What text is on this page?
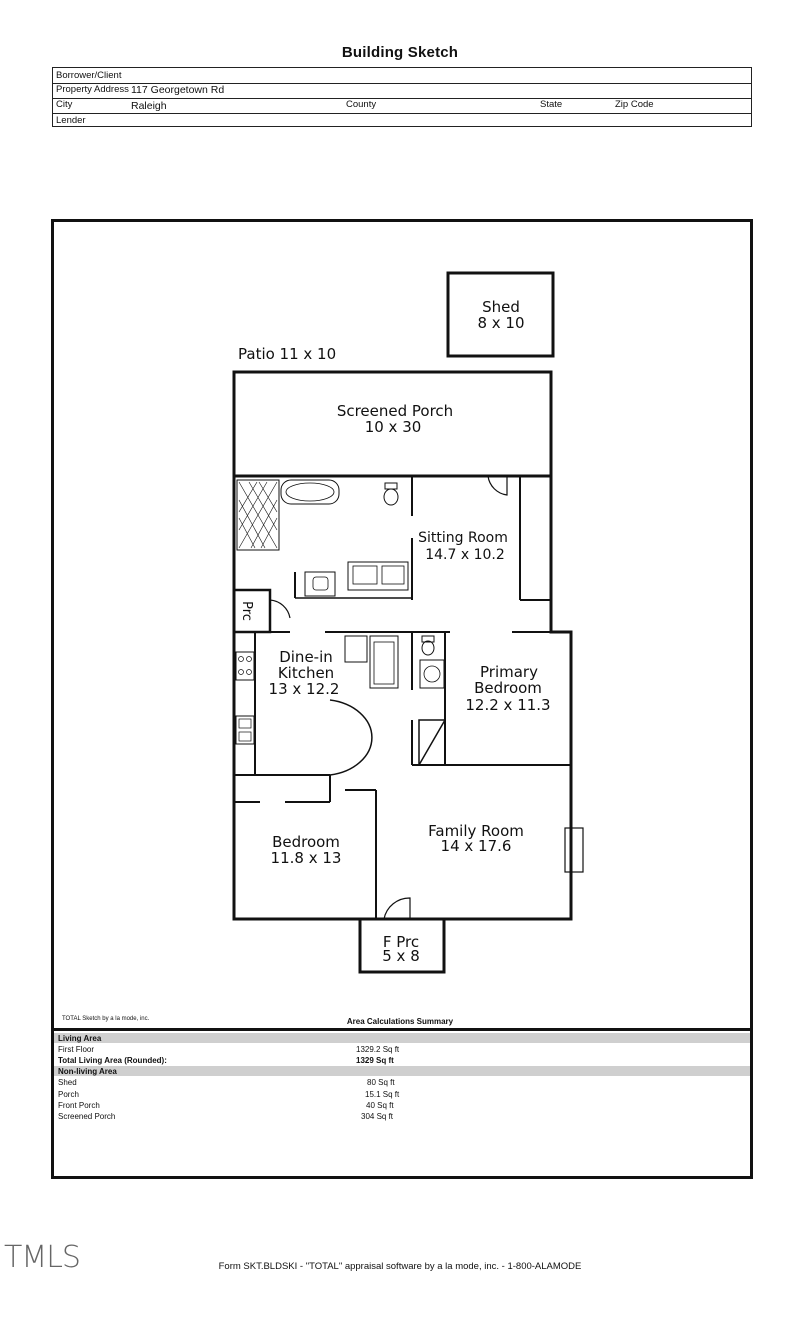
Building Sketch
Borrower/Client
Property Address 117 Georgetown Rd
City	Raleigh	County	State	Zip Code
Lender
Patio 11 x 10
Shed
8 x 10
Screened Porch
10 x 30
Sitting Room
14.7 x 10.2
Prc
Dine-in
Kitchen
13 x 12.2
Primary
Bedroom
12.2 x 11.3
Bedroom
11.8 x 13
Family Room
14 x 17.6
F Prc
5 x 8
TOTAL Sketch by a la mode, inc.	Area Calculations Summary
Living Area
First Floor	1329.2 Sq ft
Total Living Area (Rounded):	1329 Sq ft
Non-living Area
Shed	80 Sq ft
Porch	15.1 Sq ft
Front Porch	40 Sq ft
Screened Porch	304 Sq ft
TMLS	Form SKT.BLDSKI - "TOTAL" appraisal software by a la mode, inc. - 1-800-ALAMODE
